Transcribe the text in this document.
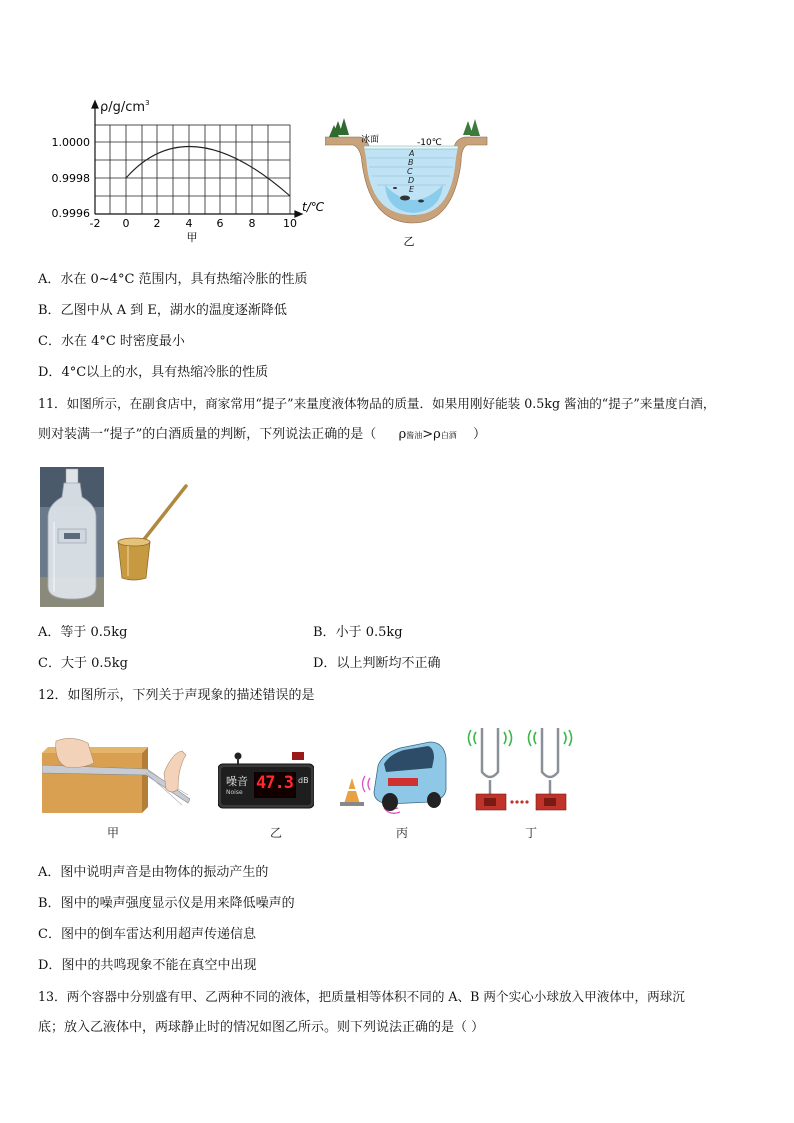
$\rho/g/cm^3$
1.0000
0.9998
0.9996
-2 0 2 4 6 8	10
t/℃
甲
冰面	-10℃
A
B
C
D
E
乙
A．水在 0~4°C 范围内，具有热缩冷胀的性质
B．乙图中从 A 到 E，湖水的温度逐渐降低
C．水在 4°C 时密度最小
D．4°C以上的水，具有热缩冷胀的性质
11．如图所示，在副食店中，商家常用“提子”来量度液体物品的质量．如果用刚好能装 0.5kg 酱油的“提子”来量度白酒，
则对装满一“提子”的白酒质量的判断，下列说法正确的是（ ρ酱油>ρ白酒 ）
A．等于 0.5kg	B．小于 0.5kg
C．大于 0.5kg	D．以上判断均不正确
12．如图所示，下列关于声现象的描述错误的是
甲
噪音
Noise 47.3 dB
乙	丙	丁
A．图中说明声音是由物体的振动产生的
B．图中的噪声强度显示仪是用来降低噪声的
C．图中的倒车雷达利用超声传递信息
D．图中的共鸣现象不能在真空中出现
13．两个容器中分别盛有甲、乙两种不同的液体，把质量相等体积不同的 A、B 两个实心小球放入甲液体中，两球沉
底；放入乙液体中，两球静止时的情况如图乙所示。则下列说法正确的是（ ）
